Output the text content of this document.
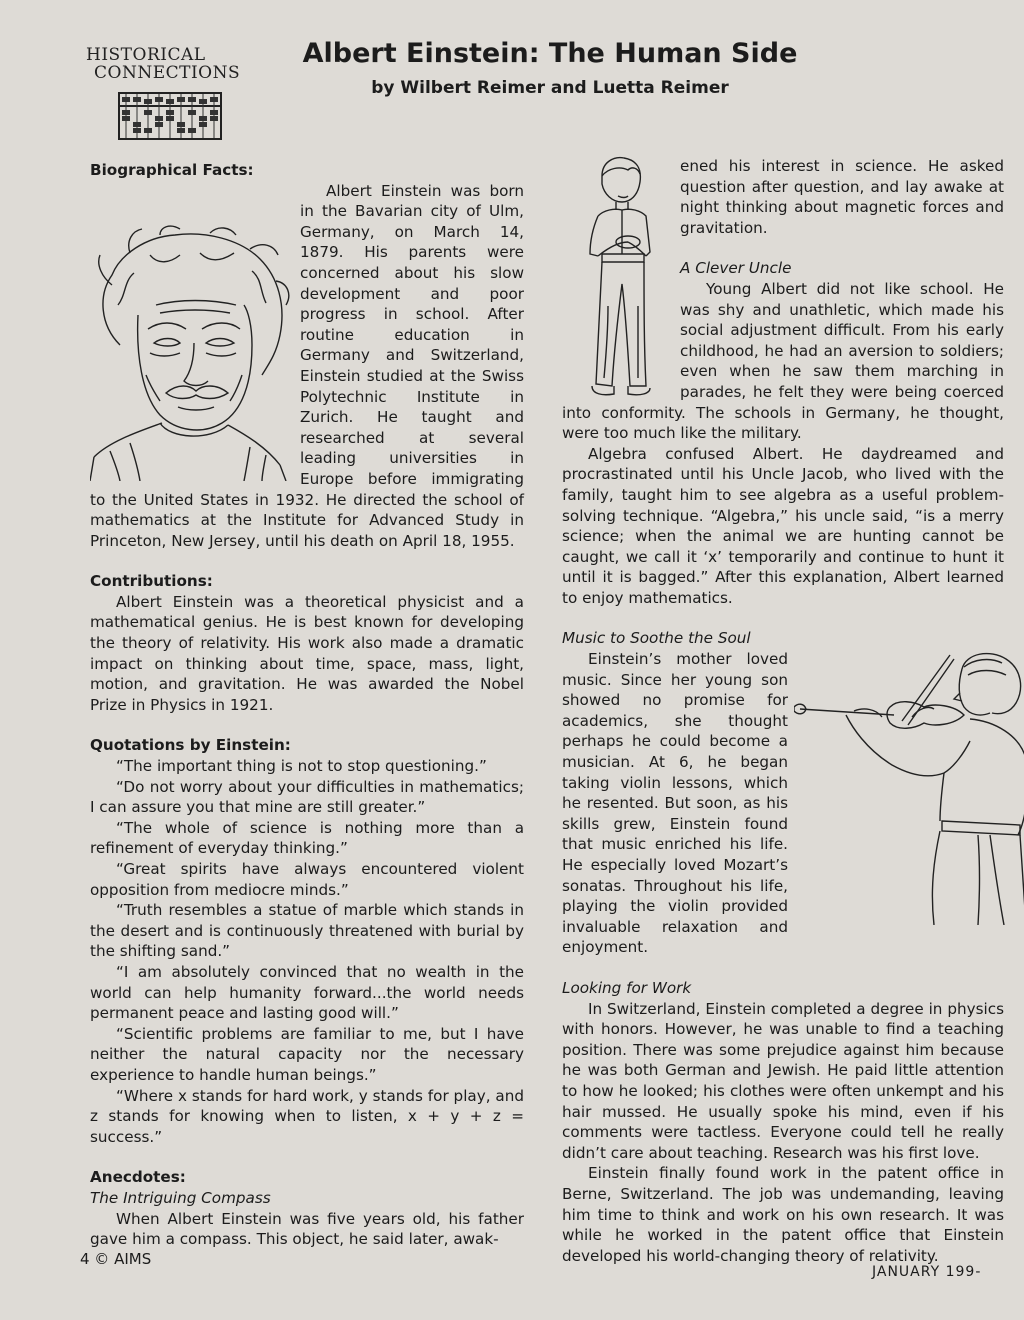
HISTORICAL
CONNECTIONS
Albert Einstein: The Human Side
by Wilbert Reimer and Luetta Reimer
Biographical Facts:

Albert Einstein was born in the Bavarian city of Ulm, Germany, on March 14, 1879. His parents were concerned about his slow development and poor progress in school. After routine education in Germany and Switzerland, Einstein studied at the Swiss Polytechnic Institute in Zurich. He taught and researched at several leading universities in Europe before immigrating to the United States in 1932. He directed the school of mathematics at the Institute for Advanced Study in Princeton, New Jersey, until his death on April 18, 1955.

Contributions:

Albert Einstein was a theoretical physicist and a mathematical genius. He is best known for developing the theory of relativity. His work also made a dramatic impact on thinking about time, space, mass, light, motion, and gravitation. He was awarded the Nobel Prize in Physics in 1921.

Quotations by Einstein:

“The important thing is not to stop questioning.”

“Do not worry about your difficulties in mathematics; I can assure you that mine are still greater.”

“The whole of science is nothing more than a refinement of everyday thinking.”

“Great spirits have always encountered violent opposition from mediocre minds.”

“Truth resembles a statue of marble which stands in the desert and is continuously threatened with burial by the shifting sand.”

“I am absolutely convinced that no wealth in the world can help humanity forward...the world needs permanent peace and lasting good will.”

“Scientific problems are familiar to me, but I have neither the natural capacity nor the necessary experience to handle human beings.”

“Where x stands for hard work, y stands for play, and z stands for knowing when to listen, x + y + z = success.”

Anecdotes:
The Intriguing Compass

When Albert Einstein was five years old, his father gave him a compass. This object, he said later, awak-

ened his interest in science. He asked question after question, and lay awake at night thinking about magnetic forces and gravitation.

A Clever Uncle

Young Albert did not like school. He was shy and unathletic, which made his social adjustment difficult. From his early childhood, he had an aversion to soldiers; even when he saw them marching in parades, he felt they were being coerced into conformity. The schools in Germany, he thought, were too much like the military.

Algebra confused Albert. He daydreamed and procrastinated until his Uncle Jacob, who lived with the family, taught him to see algebra as a useful problem-solving technique. “Algebra,” his uncle said, “is a merry science; when the animal we are hunting cannot be caught, we call it ‘x’ temporarily and continue to hunt it until it is bagged.” After this explanation, Albert learned to enjoy mathematics.

Music to Soothe the Soul

Einstein’s mother loved music. Since her young son showed no promise for academics, she thought perhaps he could become a musician. At 6, he began taking violin lessons, which he resented. But soon, as his skills grew, Einstein found that music enriched his life. He especially loved Mozart’s sonatas. Throughout his life, playing the violin provided invaluable relaxation and enjoyment.

Looking for Work

In Switzerland, Einstein completed a degree in physics with honors. However, he was unable to find a teaching position. There was some prejudice against him because he was both German and Jewish. He paid little attention to how he looked; his clothes were often unkempt and his hair mussed. He usually spoke his mind, even if his comments were tactless. Everyone could tell he really didn’t care about teaching. Research was his first love.

Einstein finally found work in the patent office in Berne, Switzerland. The job was undemanding, leaving him time to think and work on his own research. It was while he worked in the patent office that Einstein developed his world-changing theory of relativity.

4 © AIMS
JANUARY 199-
